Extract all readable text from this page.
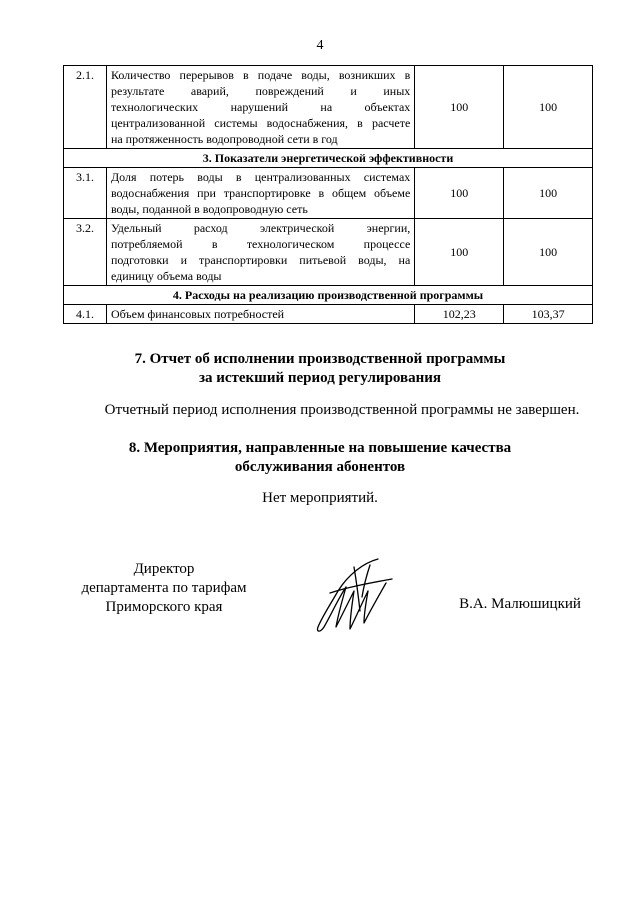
4
2.1.	Количество перерывов в подаче воды, возникших в
результате аварий, повреждений и иных
технологических нарушений на объектах
централизованной системы водоснабжения, в расчете
на протяженность водопроводной сети в год	100	100
3. Показатели энергетической эффективности			
3.1.	Доля потерь воды в централизованных системах
водоснабжения при транспортировке в общем объеме
воды, поданной в водопроводную сеть	100	100
3.2.	Удельный расход электрической энергии,
потребляемой в технологическом процессе
подготовки и транспортировки питьевой воды, на
единицу объема воды	100	100
4. Расходы на реализацию производственной программы			
4.1.	Объем финансовых потребностей	102,23	103,37
7. Отчет об исполнении производственной программы
за истекший период регулирования

Отчетный период исполнения производственной программы не завершен.

8. Мероприятия, направленные на повышение качества
обслуживания абонентов

Нет мероприятий.

Директор
департамента по тарифам
Приморского края	В.А. Малюшицкий
